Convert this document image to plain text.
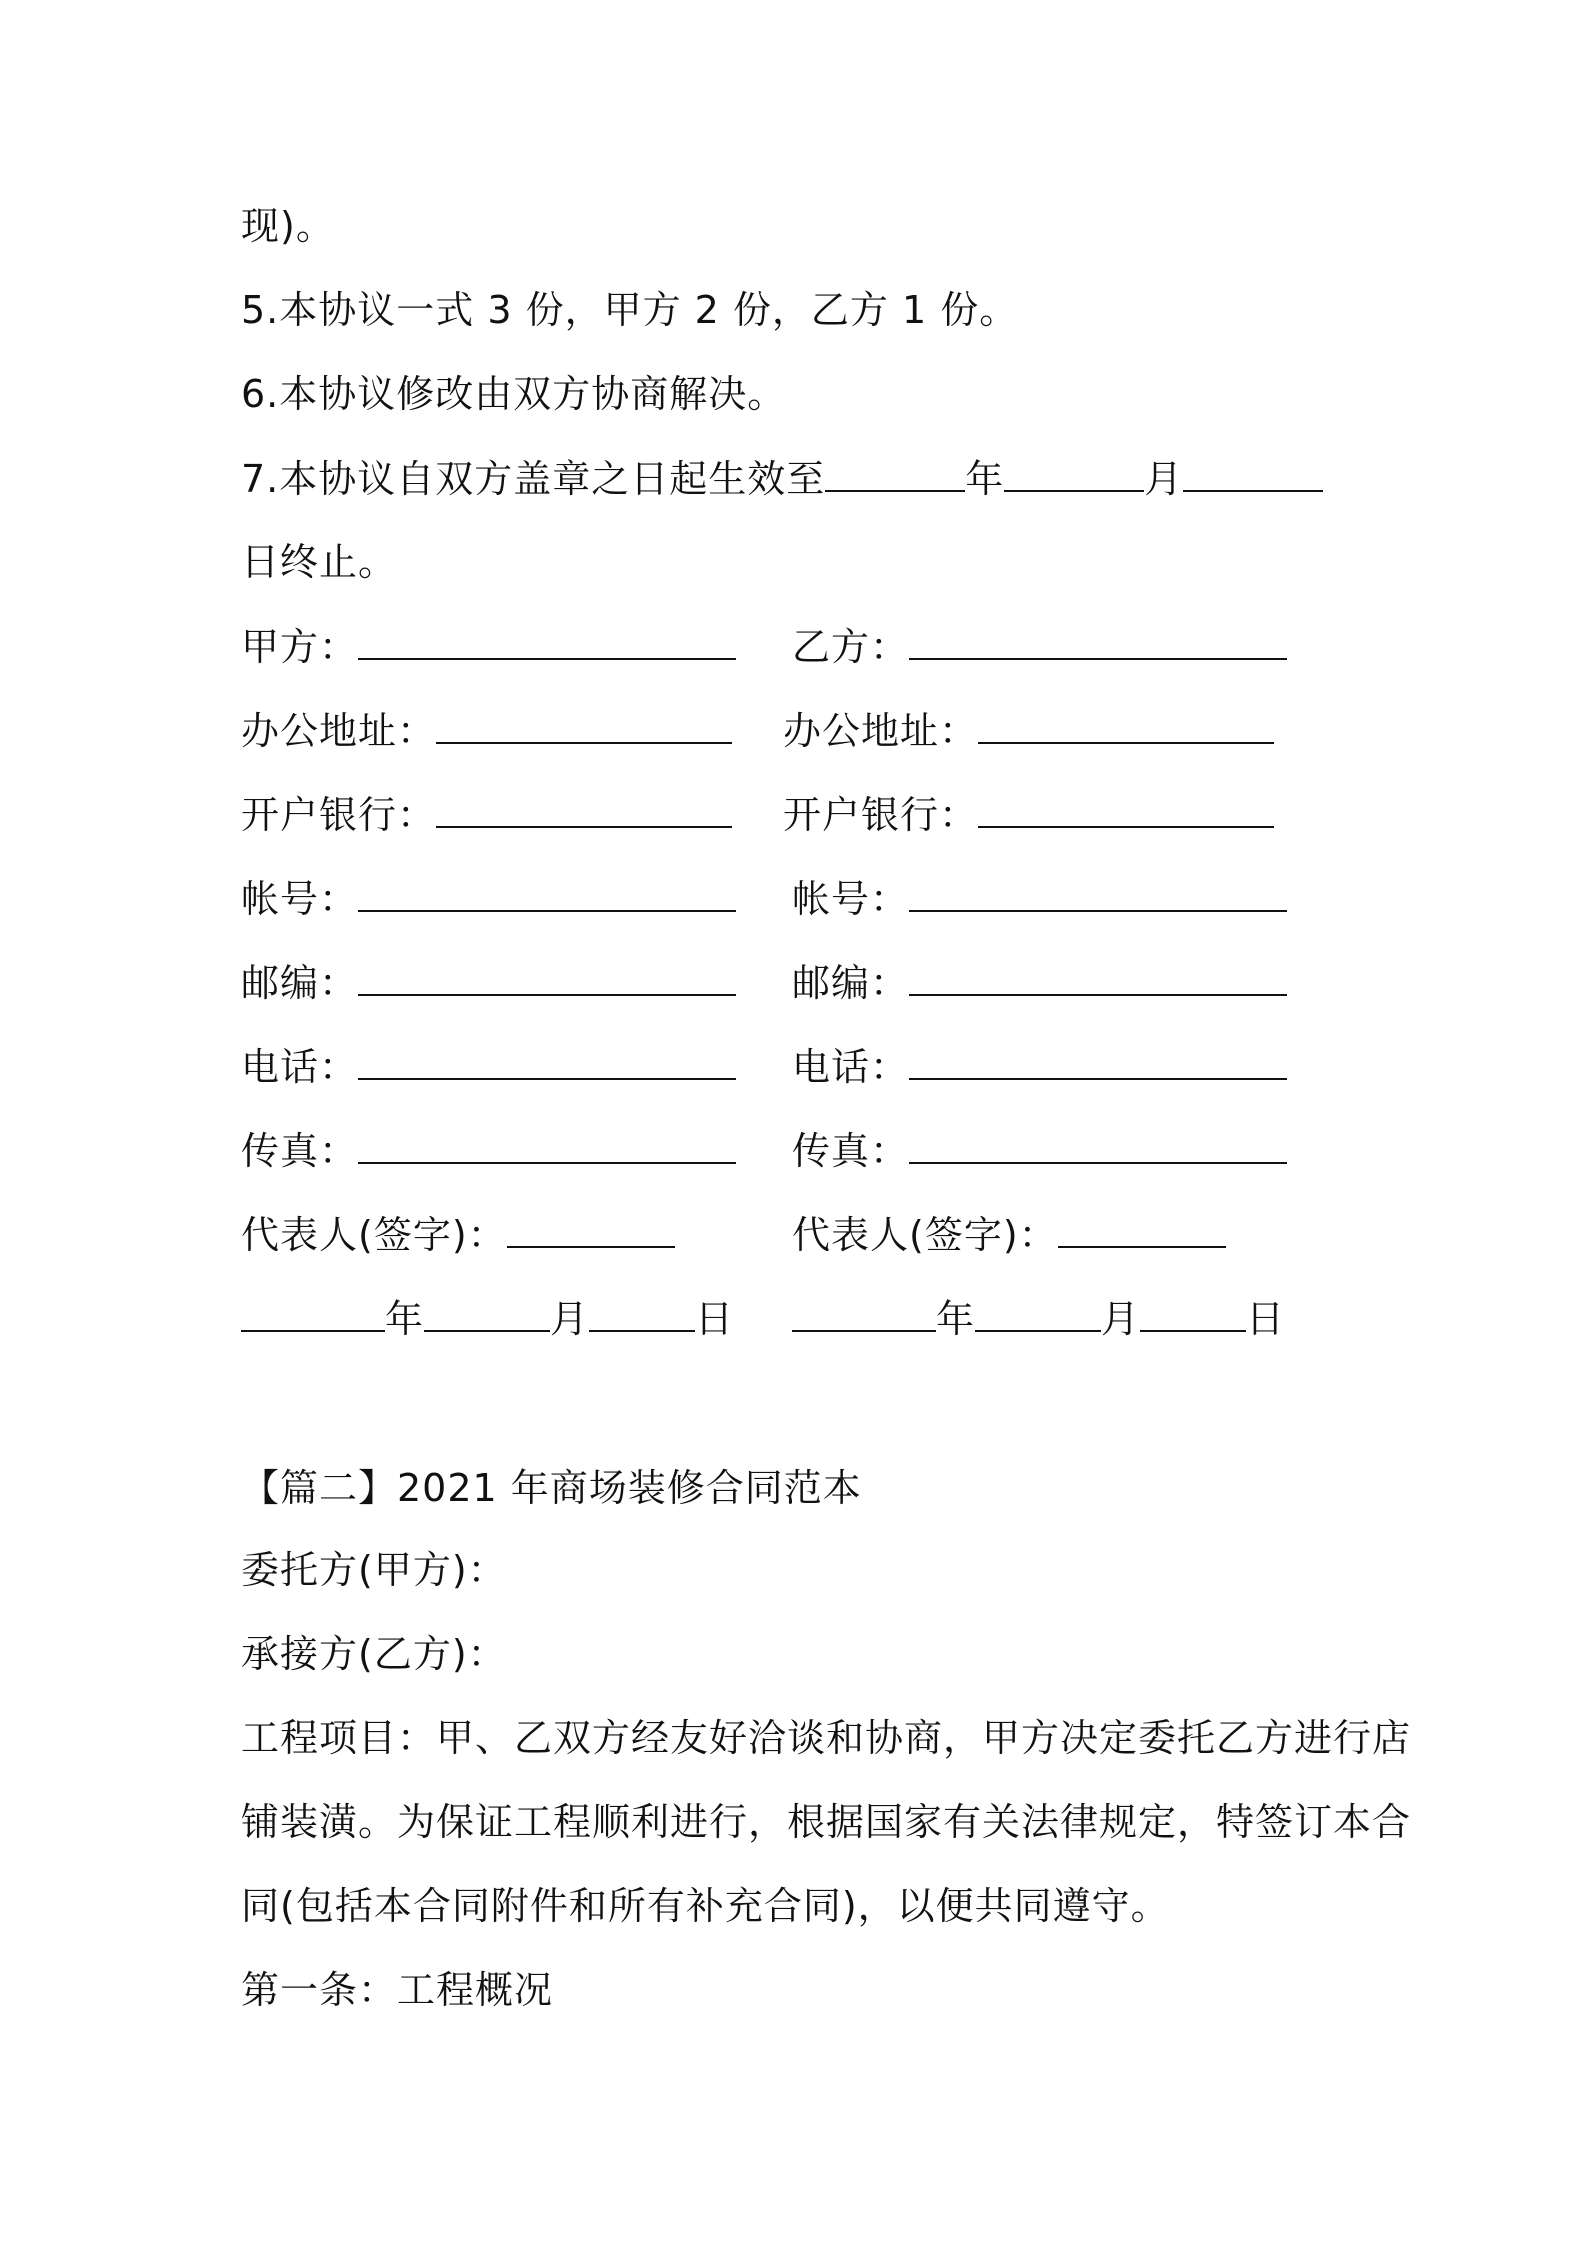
现)。
5.本协议一式 3 份，甲方 2 份，乙方 1 份。
6.本协议修改由双方协商解决。
7.本协议自双方盖章之日起生效至	年	月
日终止。
甲方：	乙方：
办公地址：	办公地址：
开户银行：	开户银行：
帐号：	帐号：
邮编：	邮编：
电话：	电话：
传真：	传真：
代表人(签字)：	代表人(签字)：
年	月	日	年	月	日
【篇二】2021 年商场装修合同范本
委托方(甲方)：
承接方(乙方)：
工程项目：甲、乙双方经友好洽谈和协商，甲方决定委托乙方进行店
铺装潢。为保证工程顺利进行，根据国家有关法律规定，特签订本合
同(包括本合同附件和所有补充合同)，以便共同遵守。
第一条：工程概况
